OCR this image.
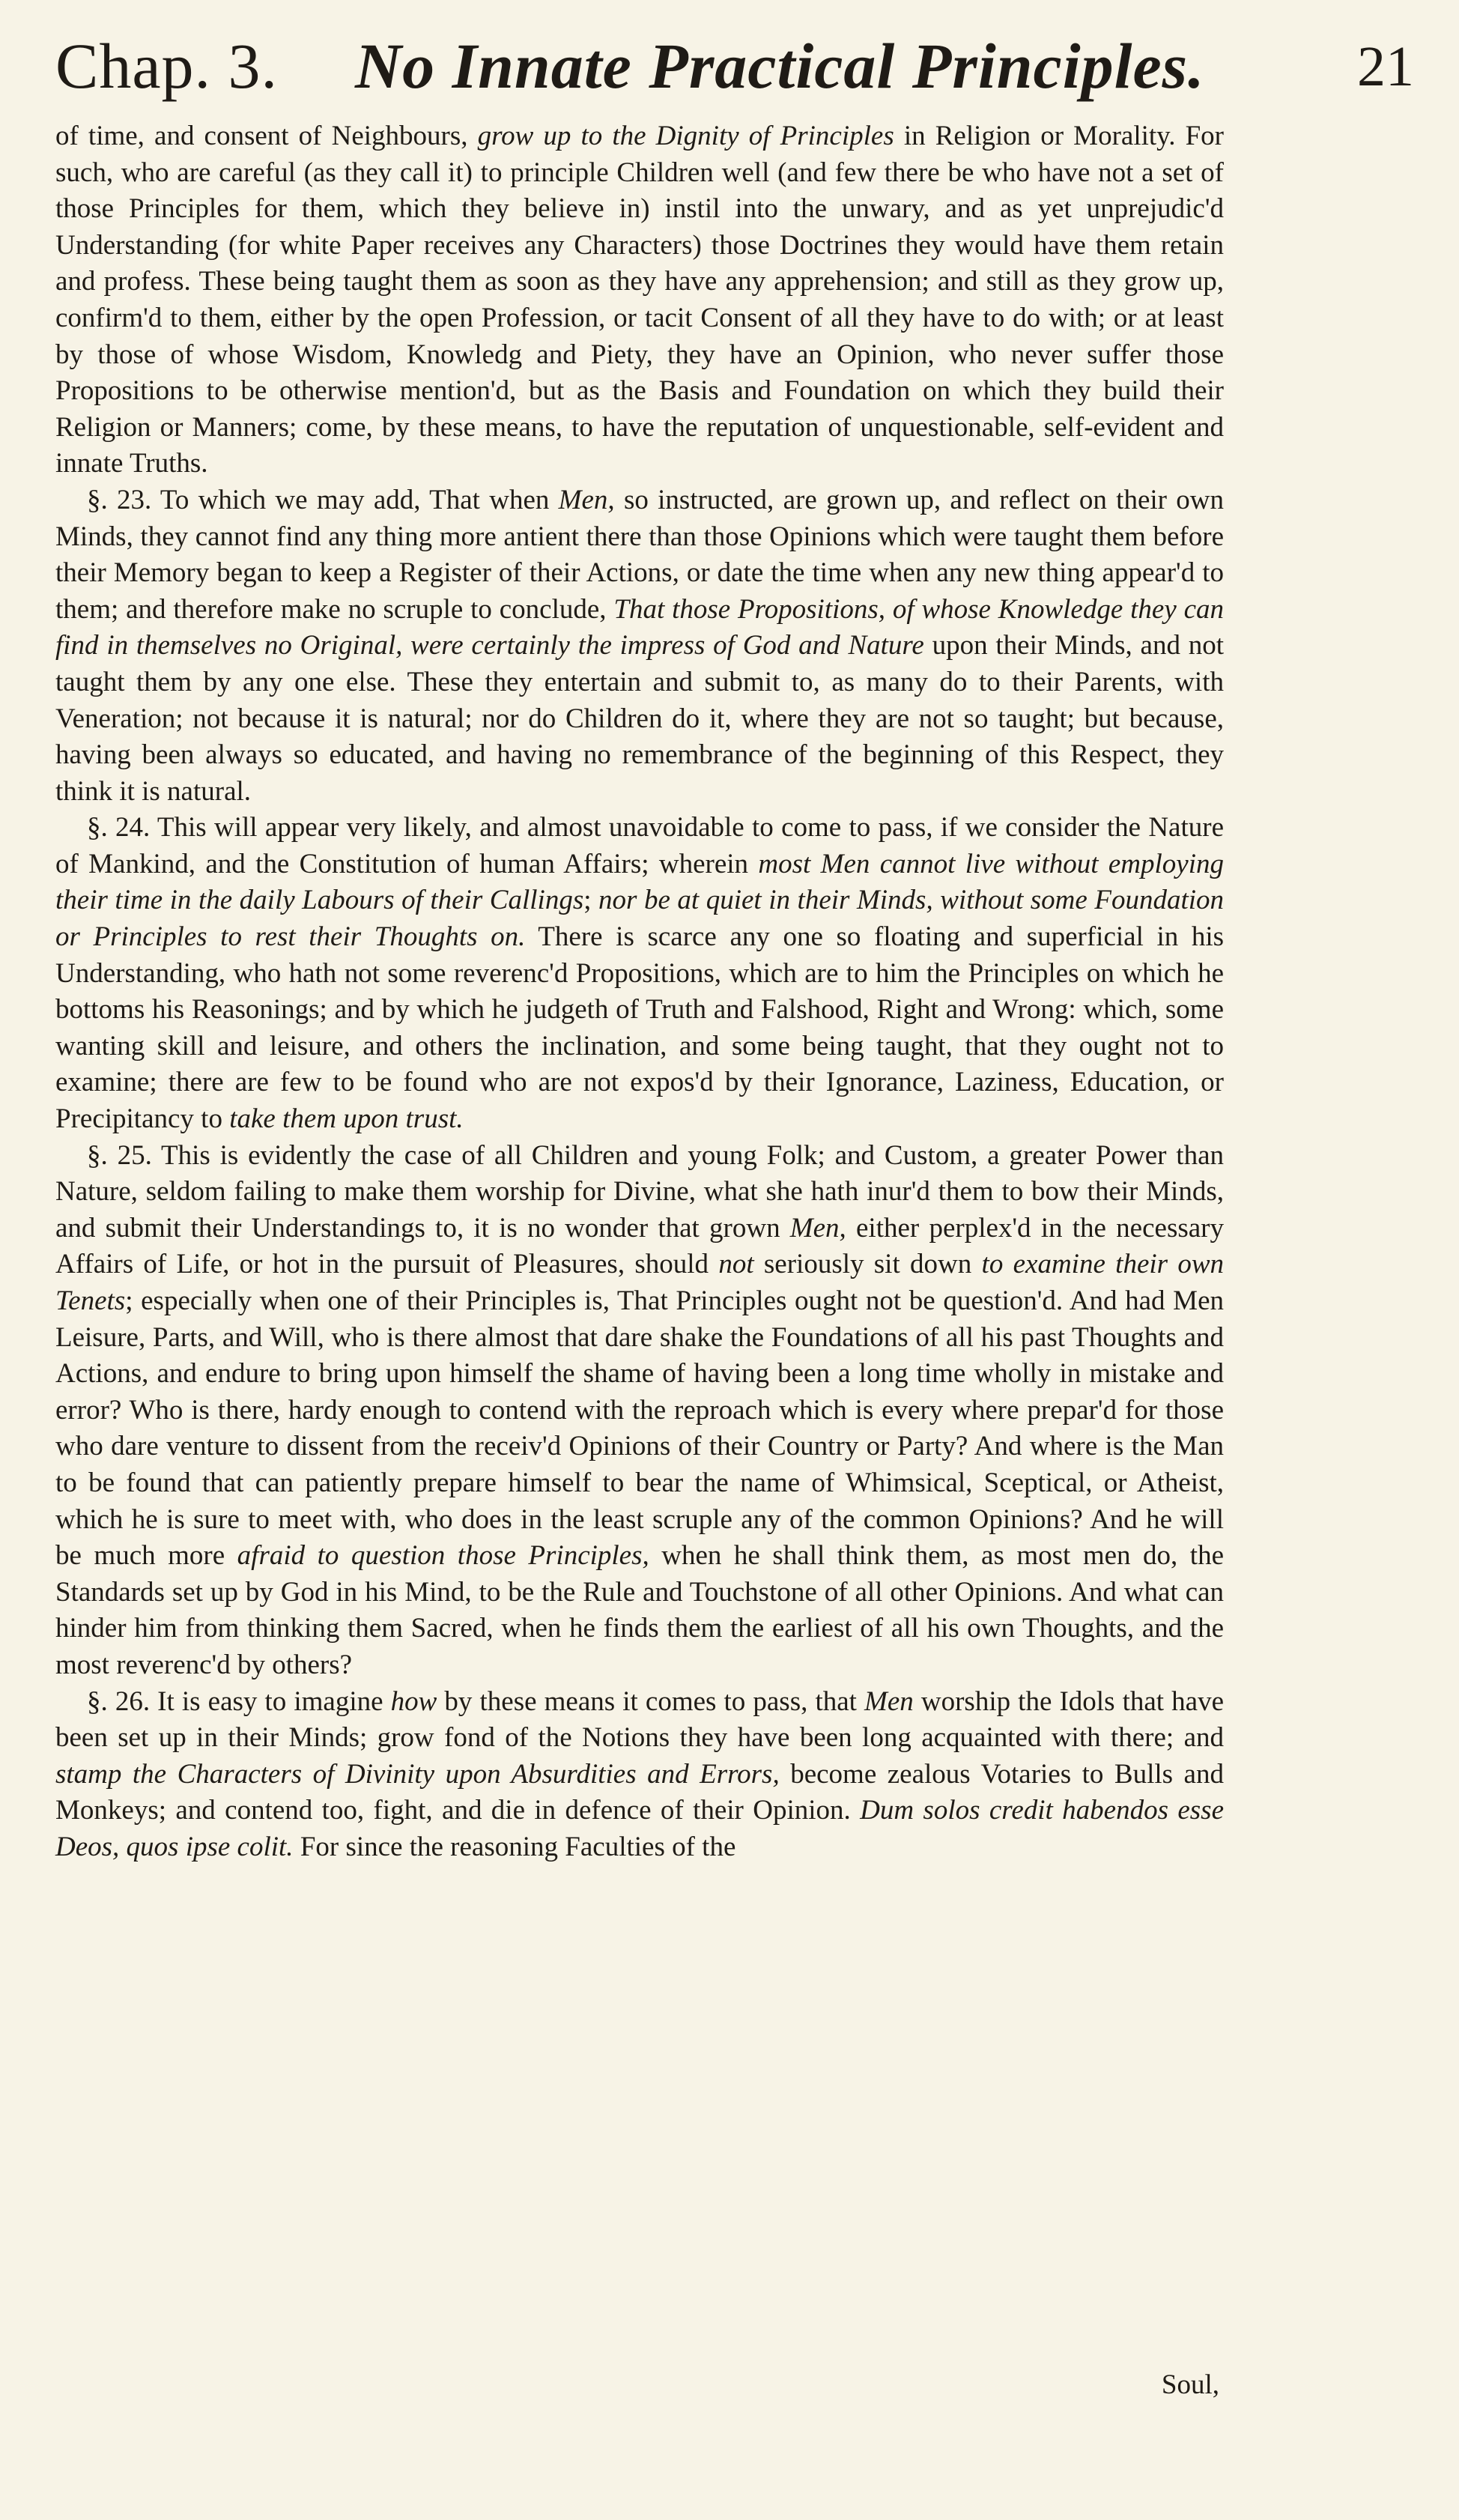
Chap. 3. No Innate Practical Principles.	21

of time, and consent of Neighbours, grow up to the Dignity of Principles in Religion or Morality. For such, who are careful (as they call it) to principle Children well (and few there be who have not a set of those Principles for them, which they believe in) instil into the unwary, and as yet unprejudic'd Understanding (for white Paper receives any Characters) those Doctrines they would have them retain and profess. These being taught them as soon as they have any apprehension; and still as they grow up, confirm'd to them, either by the open Profession, or tacit Consent of all they have to do with; or at least by those of whose Wisdom, Knowledg and Piety, they have an Opinion, who never suffer those Propositions to be otherwise mention'd, but as the Basis and Foundation on which they build their Religion or Manners; come, by these means, to have the reputation of unquestionable, self-evident and innate Truths.

§. 23. To which we may add, That when Men, so instructed, are grown up, and reflect on their own Minds, they cannot find any thing more antient there than those Opinions which were taught them before their Memory began to keep a Register of their Actions, or date the time when any new thing appear'd to them; and therefore make no scruple to conclude, That those Propositions, of whose Knowledge they can find in themselves no Original, were certainly the impress of God and Nature upon their Minds, and not taught them by any one else. These they entertain and submit to, as many do to their Parents, with Veneration; not because it is natural; nor do Children do it, where they are not so taught; but because, having been always so educated, and having no remembrance of the beginning of this Respect, they think it is natural.

§. 24. This will appear very likely, and almost unavoidable to come to pass, if we consider the Nature of Mankind, and the Constitution of human Affairs; wherein most Men cannot live without employing their time in the daily Labours of their Callings; nor be at quiet in their Minds, without some Foundation or Principles to rest their Thoughts on. There is scarce any one so floating and superficial in his Understanding, who hath not some reverenc'd Propositions, which are to him the Principles on which he bottoms his Reasonings; and by which he judgeth of Truth and Falshood, Right and Wrong: which, some wanting skill and leisure, and others the inclination, and some being taught, that they ought not to examine; there are few to be found who are not expos'd by their Ignorance, Laziness, Education, or Precipitancy to take them upon trust.

§. 25. This is evidently the case of all Children and young Folk; and Custom, a greater Power than Nature, seldom failing to make them worship for Divine, what she hath inur'd them to bow their Minds, and submit their Understandings to, it is no wonder that grown Men, either perplex'd in the necessary Affairs of Life, or hot in the pursuit of Pleasures, should not seriously sit down to examine their own Tenets; especially when one of their Principles is, That Principles ought not be question'd. And had Men Leisure, Parts, and Will, who is there almost that dare shake the Foundations of all his past Thoughts and Actions, and endure to bring upon himself the shame of having been a long time wholly in mistake and error? Who is there, hardy enough to contend with the reproach which is every where prepar'd for those who dare venture to dissent from the receiv'd Opinions of their Country or Party? And where is the Man to be found that can patiently prepare himself to bear the name of Whimsical, Sceptical, or Atheist, which he is sure to meet with, who does in the least scruple any of the common Opinions? And he will be much more afraid to question those Principles, when he shall think them, as most men do, the Standards set up by God in his Mind, to be the Rule and Touchstone of all other Opinions. And what can hinder him from thinking them Sacred, when he finds them the earliest of all his own Thoughts, and the most reverenc'd by others?

§. 26. It is easy to imagine how by these means it comes to pass, that Men worship the Idols that have been set up in their Minds; grow fond of the Notions they have been long acquainted with there; and stamp the Characters of Divinity upon Absurdities and Errors, become zealous Votaries to Bulls and Monkeys; and contend too, fight, and die in defence of their Opinion. Dum solos credit habendos esse Deos, quos ipse colit. For since the reasoning Faculties of the

Soul,
